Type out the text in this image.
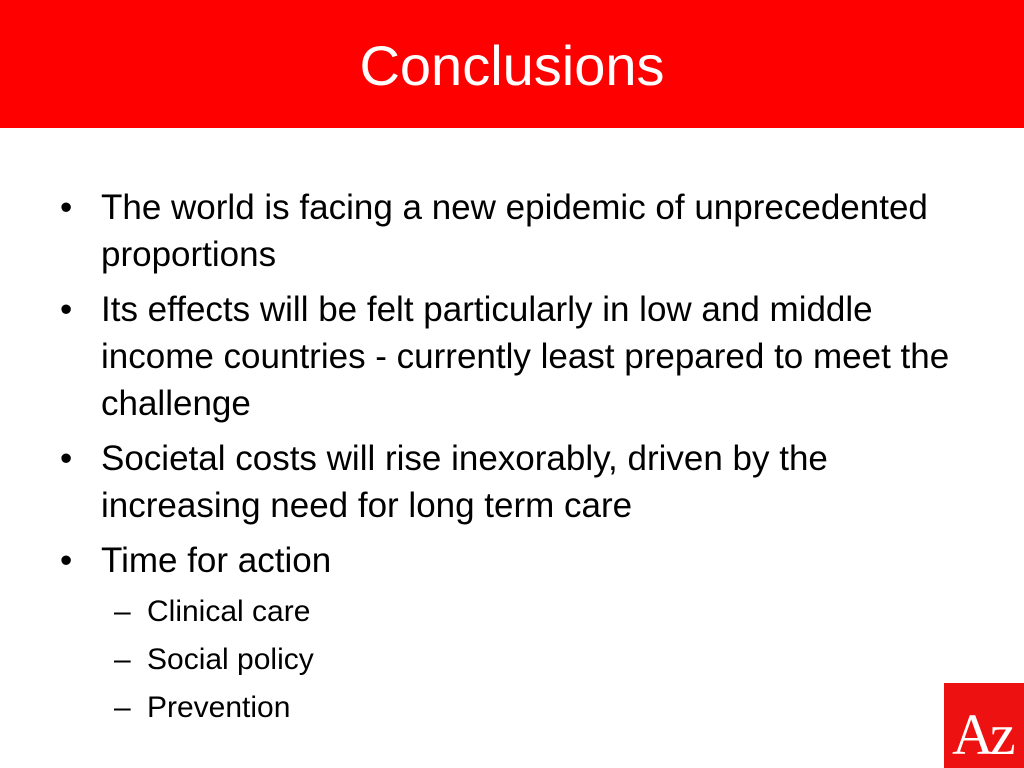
Conclusions
• The world is facing a new epidemic of unprecedented proportions
• Its effects will be felt particularly in low and middle income countries - currently least prepared to meet the challenge
• Societal costs will rise inexorably, driven by the increasing need for long term care
• Time for action
– Clinical care
– Social policy
– Prevention	Az
